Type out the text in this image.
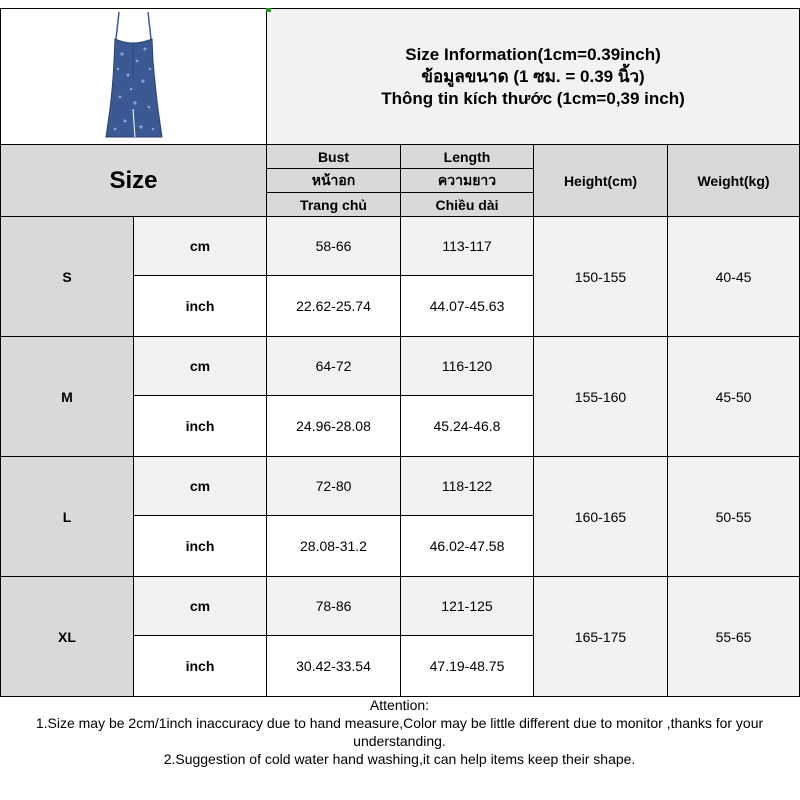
Size Information(1cm=0.39inch)
ข้อมูลขนาด (1 ซม. = 0.39 นิ้ว)
Thông tin kích thước (1cm=0,39 inch)			

Size		Bust	Length	Height(cm)	Weight(kg)
		หน้าอก	ความยาว		
		Trang chủ	Chiều dài		
S	cm	58-66	113-117	150-155	40-45
	inch	22.62-25.74	44.07-45.63		
M	cm	64-72	116-120	155-160	45-50
	inch	24.96-28.08	45.24-46.8		
L	cm	72-80	118-122	160-165	50-55
	inch	28.08-31.2	46.02-47.58		
XL	cm	78-86	121-125	165-175	55-65
	inch	30.42-33.54	47.19-48.75		
Attention:
1.Size may be 2cm/1inch inaccuracy due to hand measure,Color may be little different due to monitor ,thanks for your understanding.
2.Suggestion of cold water hand washing,it can help items keep their shape.
